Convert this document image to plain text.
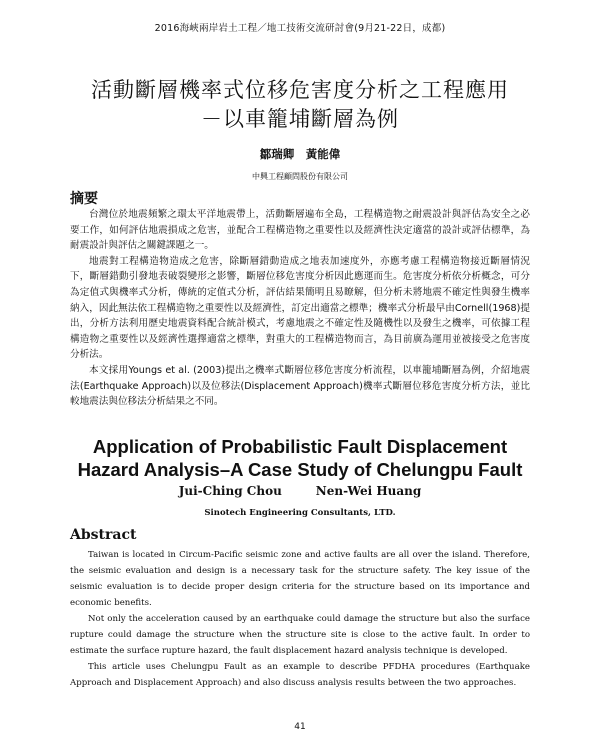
2016海峽兩岸岩土工程／地工技術交流研討會(9月21-22日，成都)
活動斷層機率式位移危害度分析之工程應用
－以車籠埔斷層為例
鄒瑞卿　黃能偉
中興工程顧問股份有限公司
摘要

台灣位於地震頻繁之環太平洋地震帶上，活動斷層遍布全島，工程構造物之耐震設計與評估為安全之必要工作，如何評估地震損成之危害，並配合工程構造物之重要性以及經濟性決定適當的設計或評估標準，為耐震設計與評估之關鍵課題之一。

地震對工程構造物造成之危害，除斷層錯動造成之地表加速度外，亦應考慮工程構造物接近斷層情況下，斷層錯動引發地表破裂變形之影響，斷層位移危害度分析因此應運而生。危害度分析依分析概念，可分為定值式與機率式分析，傳統的定值式分析，評估結果簡明且易瞭解，但分析未將地震不確定性與發生機率納入，因此無法依工程構造物之重要性以及經濟性，訂定出適當之標準；機率式分析最早由Cornell(1968)提出，分析方法利用歷史地震資料配合統計模式，考慮地震之不確定性及隨機性以及發生之機率，可依據工程構造物之重要性以及經濟性選擇適當之標準，對重大的工程構造物而言，為目前廣為運用並被接受之危害度分析法。

本文採用Youngs et al. (2003)提出之機率式斷層位移危害度分析流程，以車籠埔斷層為例，介紹地震法(Earthquake Approach)以及位移法(Displacement Approach)機率式斷層位移危害度分析方法，並比較地震法與位移法分析結果之不同。

Application of Probabilistic Fault Displacement
Hazard Analysis–A Case Study of Chelungpu Fault
Jui-Ching Chou	Nen-Wei Huang
Sinotech Engineering Consultants, LTD.
Abstract

Taiwan is located in Circum-Pacific seismic zone and active faults are all over the island. Therefore, the seismic evaluation and design is a necessary task for the structure safety. The key issue of the seismic evaluation is to decide proper design criteria for the structure based on its importance and economic benefits.

Not only the acceleration caused by an earthquake could damage the structure but also the surface rupture could damage the structure when the structure site is close to the active fault. In order to estimate the surface rupture hazard, the fault displacement hazard analysis technique is developed.

This article uses Chelungpu Fault as an example to describe PFDHA procedures (Earthquake Approach and Displacement Approach) and also discuss analysis results between the two approaches.

41
